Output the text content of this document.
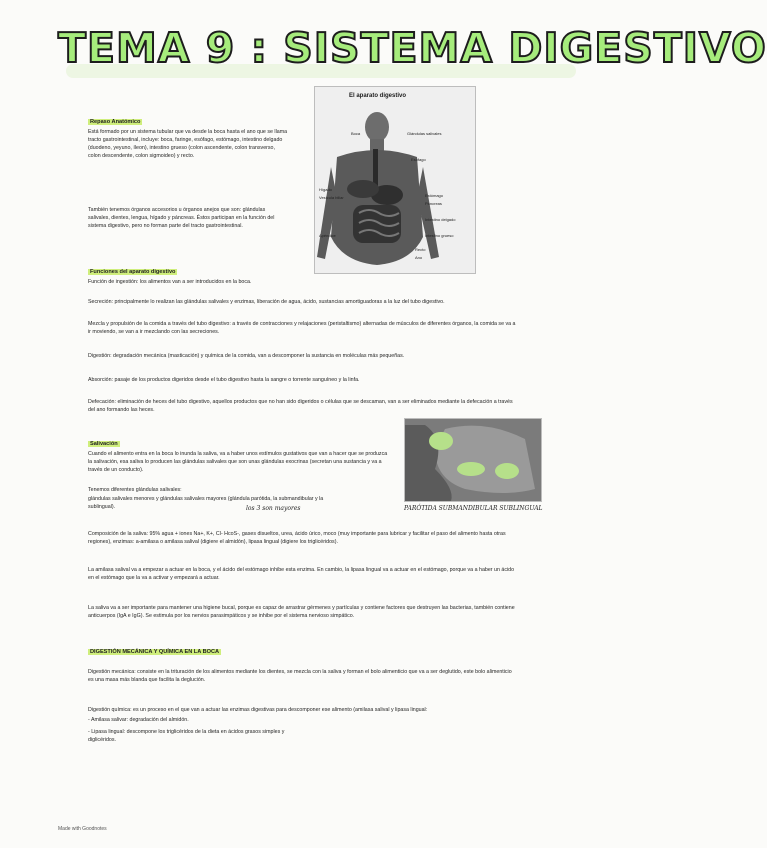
TEMA 9 : SISTEMA DIGESTIVO
Repaso Anatómico
Está formado por un sistema tubular que va desde la boca hasta el ano que se llama tracto gastrointestinal, incluye: boca, faringe, esófago, estómago, intestino delgado (duodeno, yeyuno, íleon), intestino grueso (colon ascendente, colon transverso, colon descendente, colon sigmoideo) y recto.
También tenemos órganos accesorios u órganos anejos que son: glándulas salivales, dientes, lengua, hígado y páncreas. Éstos participan en la función del sistema digestivo, pero no forman parte del tracto gastrointestinal.
El aparato digestivo
Boca	Glándulas salivales
Esófago
Estómago
Páncreas
Intestino delgado
Intestino grueso
Hígado
Vesícula biliar
Apéndice
Recto
Ano
Funciones del aparato digestivo
Función de ingestión: los alimentos van a ser introducidos en la boca.
Secreción: principalmente lo realizan las glándulas salivales y enzimas, liberación de agua, ácido, sustancias amortiguadoras a la luz del tubo digestivo.
Mezcla y propulsión de la comida a través del tubo digestivo: a través de contracciones y relajaciones (peristaltismo) alternadas de músculos de diferentes órganos, la comida se va a ir moviendo, se van a ir mezclando con las secreciones.
Digestión: degradación mecánica (masticación) y química de la comida, van a descomponer la sustancia en moléculas más pequeñas.
Absorción: pasaje de los productos digeridos desde el tubo digestivo hasta la sangre o torrente sanguíneo y la linfa.
Defecación: eliminación de heces del tubo digestivo, aquellos productos que no han sido digeridos o células que se descaman, van a ser eliminados mediante la defecación a través del ano formando las heces.
Salivación
Cuando el alimento entra en la boca lo inunda la saliva, va a haber unos estímulos gustativos que van a hacer que se produzca la salivación, esa saliva lo producen las glándulas salivales que son unas glándulas exocrinas (secretan una sustancia y va a través de un conducto).
Tenemos diferentes glándulas salivales:
glándulas salivales menores y glándulas salivales mayores (glándula parótida, la submandibular y la sublingual).	los 3 son mayores	PARÓTIDA SUBMANDIBULAR SUBLINGUAL
Composición de la saliva: 95% agua + iones Na+, K+, Cl- HcoS-, gases disueltos, urea, ácido úrico, moco (muy importante para lubricar y facilitar el paso del alimento hasta otras regiones), enzimas: a-amilasa o amilasa salival (digiere el almidón), lipasa lingual (digiere los triglicéridos).
La amilasa salival va a empezar a actuar en la boca, y el ácido del estómago inhibe esta enzima. En cambio, la lipasa lingual va a actuar en el estómago, porque va a haber un ácido en el estómago que la va a activar y empezará a actuar.
La saliva va a ser importante para mantener una higiene bucal, porque es capaz de arrastrar gérmenes y partículas y contiene factores que destruyen las bacterias, también contiene anticuerpos (IgA e IgG). Se estimula por los nervios parasimpáticos y se inhibe por el sistema nervioso simpático.
DIGESTIÓN MECÁNICA Y QUÍMICA EN LA BOCA
Digestión mecánica: consiste en la trituración de los alimentos mediante los dientes, se mezcla con la saliva y forman el bolo alimenticio que va a ser deglutido, este bolo alimenticio es una masa más blanda que facilita la deglución.
Digestión química: es un proceso en el que van a actuar las enzimas digestivas para descomponer ese alimento (amilasa salival y lipasa lingual:
- Amilasa salivar: degradación del almidón.
- Lipasa lingual: descompone los triglicéridos de la dieta en ácidos grasos simples y diglicéridos.
Made with Goodnotes
